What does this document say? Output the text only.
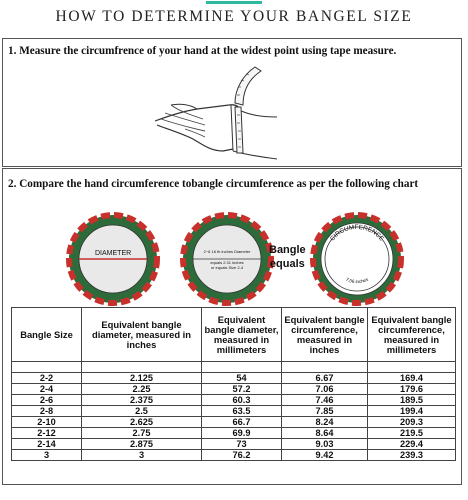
HOW TO DETERMINE YOUR BANGEL SIZE
1. Measure the circumfrence of your hand at the widest point using tape measure.
2. Compare the hand circumference tobangle circumference as per the following chart
DIAMETER	2~6 16 th inches Diameter
equals 2.31 inches
or equals Size 2-4
Bangle
equals
CIRCUMFERENCE
7.06 inches
Bangle Size	Equivalent bangle diameter, measured in inches	Equivalent bangle diameter, measured in millimeters	Equivalent bangle circumference, measured in inches	Equivalent bangle circumference, measured in millimeters

2-2	2.125	54	6.67	169.4
2-4	2.25	57.2	7.06	179.6
2-6	2.375	60.3	7.46	189.5
2-8	2.5	63.5	7.85	199.4
2-10	2.625	66.7	8.24	209.3
2-12	2.75	69.9	8.64	219.5
2-14	2.875	73	9.03	229.4
3	3	76.2	9.42	239.3
